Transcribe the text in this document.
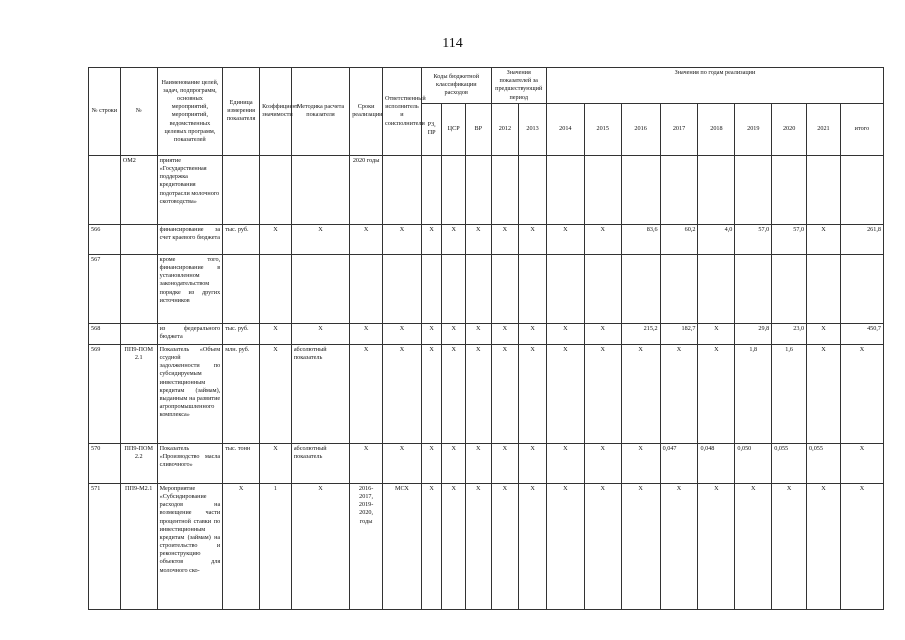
114
№ строки	№	Наименование целей, задач, подпрограмм, основных мероприятий, мероприятий, ведомственных целевых программ, показателей	Единица измерения показателя	Коэффициент значимости	Методика расчета показателя	Сроки реализации	Ответственный исполнитель и соисполнители	Коды бюджетной классификации расходов			Значения показателей за предшествующий период		Значения по годам реализации								
								РЗ, ПР	ЦСР	ВР	2012	2013	2014	2015	2016	2017	2018	2019	2020	2021	итого
	ОМ2	приятие «Государственная поддержка кредитования подотрасли молочного скотоводства»				2020 годы															
566		финансирование за счет краевого бюджета	тыс. руб.	X	X	X	X	X	X	X	X	X	X	X	83,6	60,2	4,0	57,0	57,0	X	261,8
567		кроме того, финансирование в установленном законодательством порядке из других источников																			
568		из федерального бюджета	тыс. руб.	X	X	X	X	X	X	X	X	X	X	X	215,2	182,7	X	29,8	23,0	X	450,7
569	ПП9-ПОМ 2.1	Показатель «Объем ссудной задолженности по субсидируемым инвестиционным кредитам (займам), выданным на развитие агропромышленного комплекса»	млн. руб.	X	абсолютный показатель	X	X	X	X	X	X	X	X	X	X	X	X	1,8	1,6	X	X
570	ПП9-ПОМ 2.2	Показатель «Производство масла сливочного»	тыс. тонн	X	абсолютный показатель	X	X	X	X	X	X	X	X	X	X	0,047	0,048	0,050	0,055	0,055	X
571	ПП9-М2.1	Мероприятие «Субсидирование расходов на возмещение части процентной ставки по инвестиционным кредитам (займам) на строительство и реконструкцию объектов для молочного ско-	X	1	X	2016-2017, 2019-2020, годы	МСХ	X	X	X	X	X	X	X	X	X	X	X	X	X	X
